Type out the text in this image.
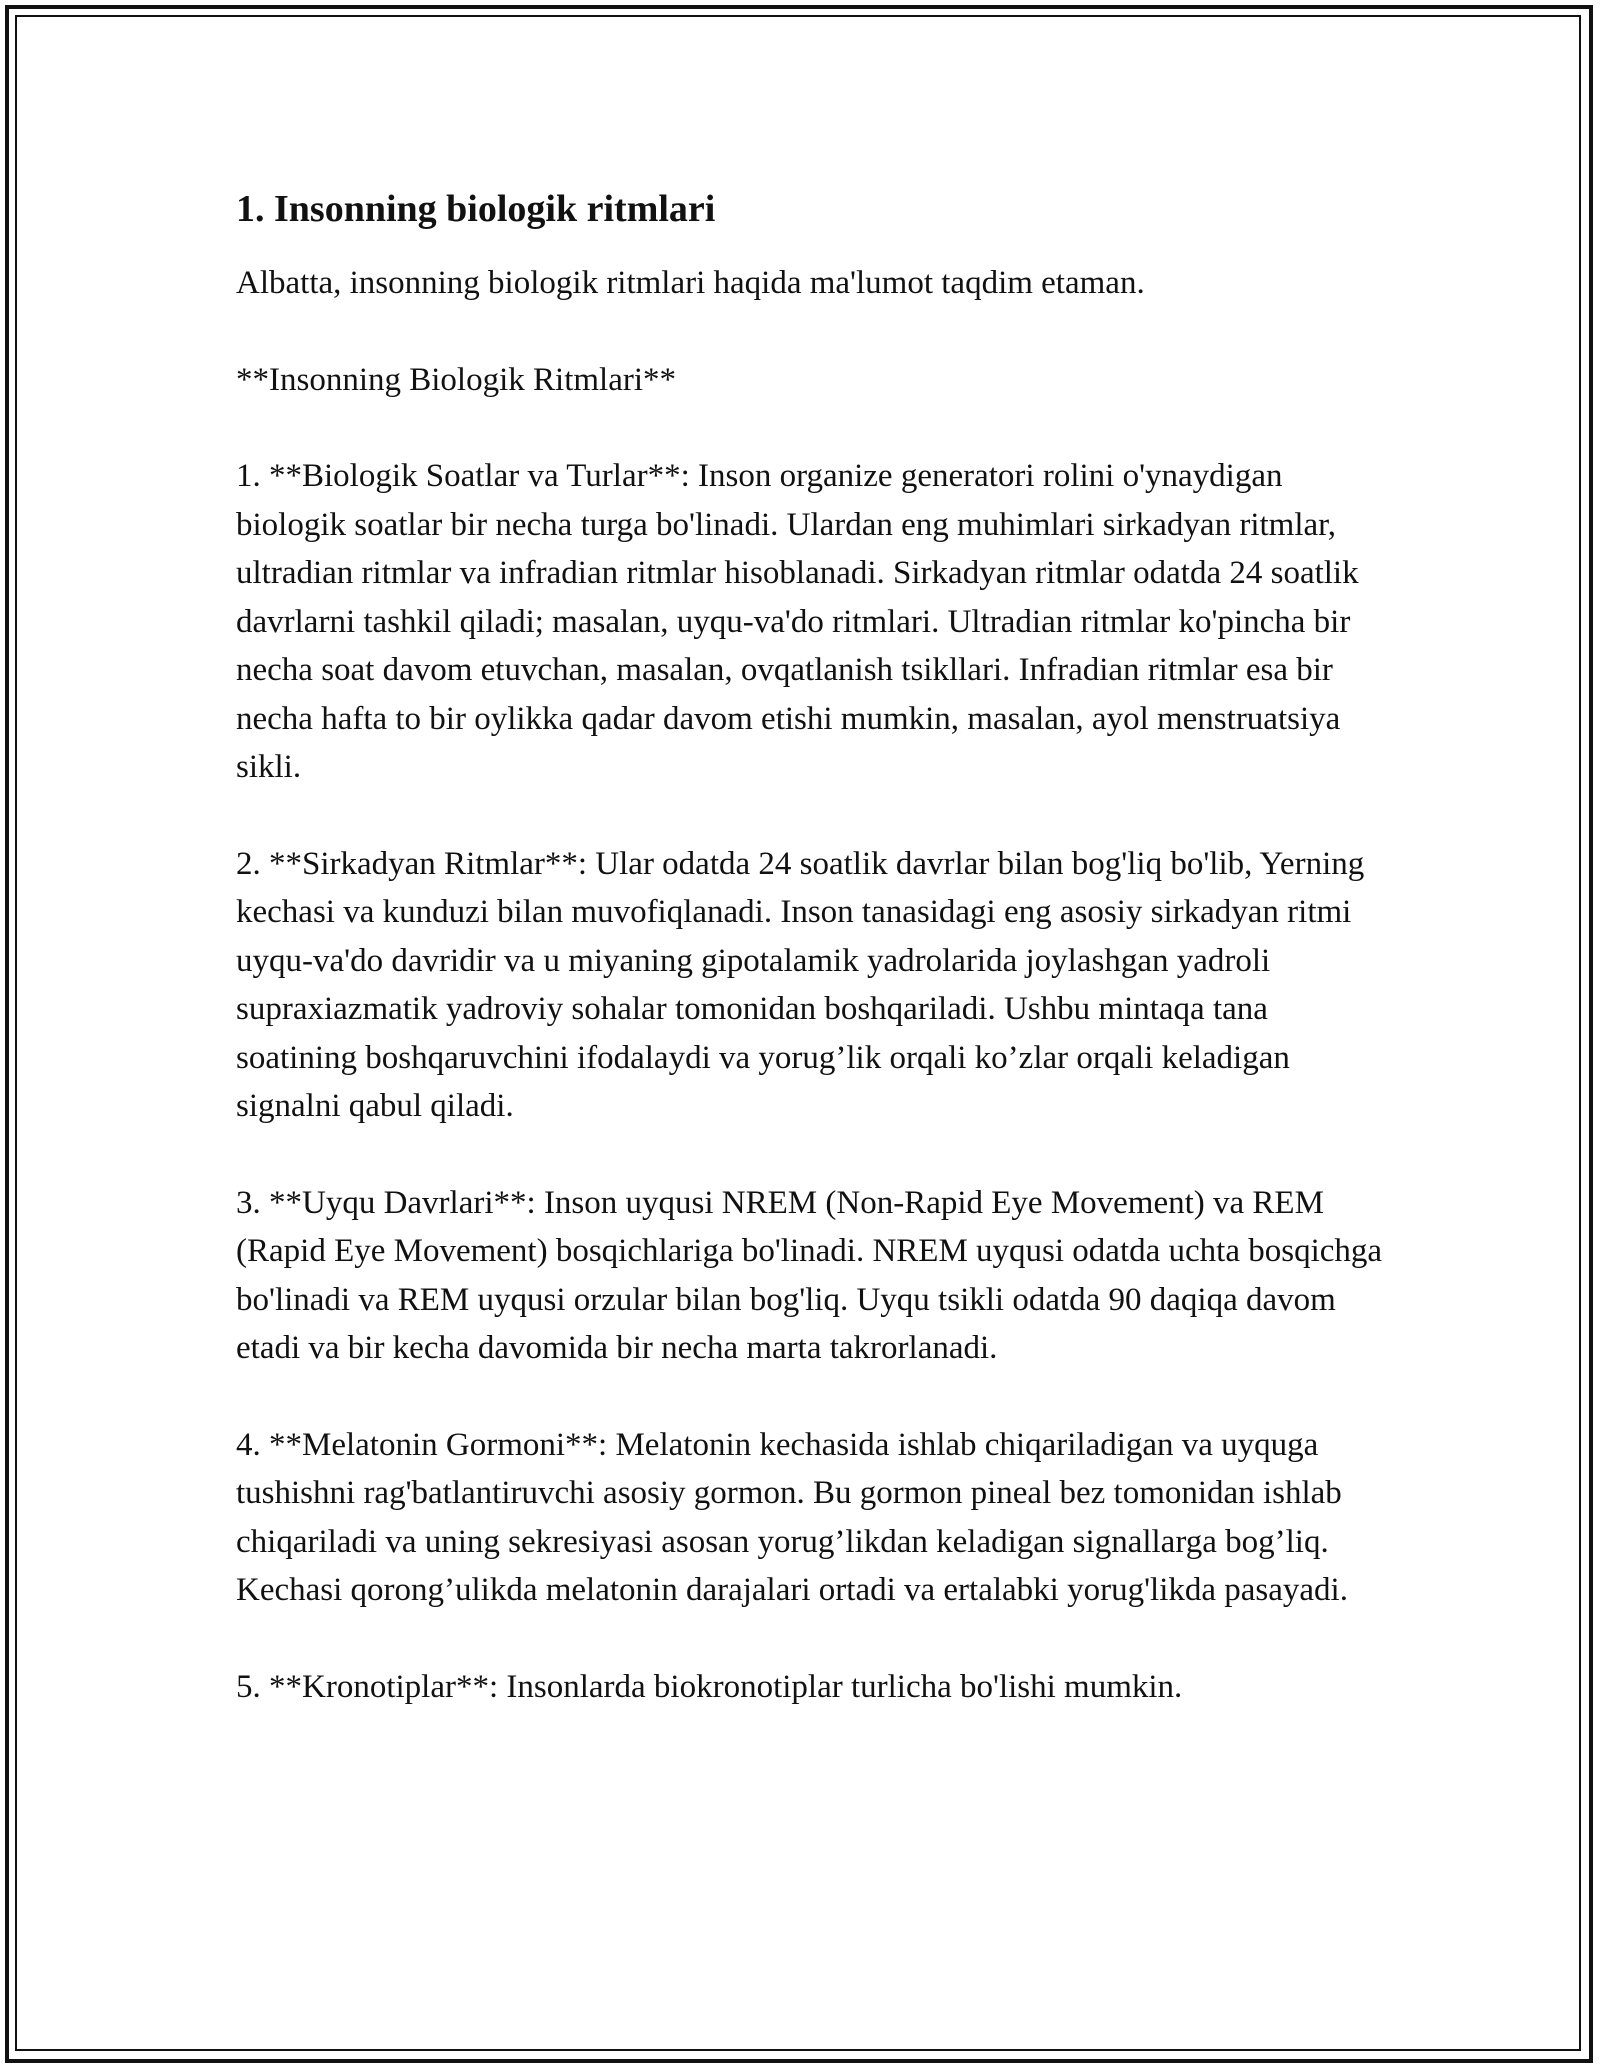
1. Insonning biologik ritmlari

Albatta, insonning biologik ritmlari haqida ma'lumot taqdim etaman.

**Insonning Biologik Ritmlari**

1. **Biologik Soatlar va Turlar**: Inson organize generatori rolini o'ynaydigan biologik soatlar bir necha turga bo'linadi. Ulardan eng muhimlari sirkadyan ritmlar, ultradian ritmlar va infradian ritmlar hisoblanadi. Sirkadyan ritmlar odatda 24 soatlik davrlarni tashkil qiladi; masalan, uyqu-va'do ritmlari. Ultradian ritmlar ko'pincha bir necha soat davom etuvchan, masalan, ovqatlanish tsikllari. Infradian ritmlar esa bir necha hafta to bir oylikka qadar davom etishi mumkin, masalan, ayol menstruatsiya sikli.

2. **Sirkadyan Ritmlar**: Ular odatda 24 soatlik davrlar bilan bog'liq bo'lib, Yerning kechasi va kunduzi bilan muvofiqlanadi. Inson tanasidagi eng asosiy sirkadyan ritmi uyqu-va'do davridir va u miyaning gipotalamik yadrolarida joylashgan yadroli supraxiazmatik yadroviy sohalar tomonidan boshqariladi. Ushbu mintaqa tana soatining boshqaruvchini ifodalaydi va yorug’lik orqali ko’zlar orqali keladigan signalni qabul qiladi.

3. **Uyqu Davrlari**: Inson uyqusi NREM (Non-Rapid Eye Movement) va REM (Rapid Eye Movement) bosqichlariga bo'linadi. NREM uyqusi odatda uchta bosqichga bo'linadi va REM uyqusi orzular bilan bog'liq. Uyqu tsikli odatda 90 daqiqa davom etadi va bir kecha davomida bir necha marta takrorlanadi.

4. **Melatonin Gormoni**: Melatonin kechasida ishlab chiqariladigan va uyquga tushishni rag'batlantiruvchi asosiy gormon. Bu gormon pineal bez tomonidan ishlab chiqariladi va uning sekresiyasi asosan yorug’likdan keladigan signallarga bog’liq. Kechasi qorong’ulikda melatonin darajalari ortadi va ertalabki yorug'likda pasayadi.

5. **Kronotiplar**: Insonlarda biokronotiplar turlicha bo'lishi mumkin.
